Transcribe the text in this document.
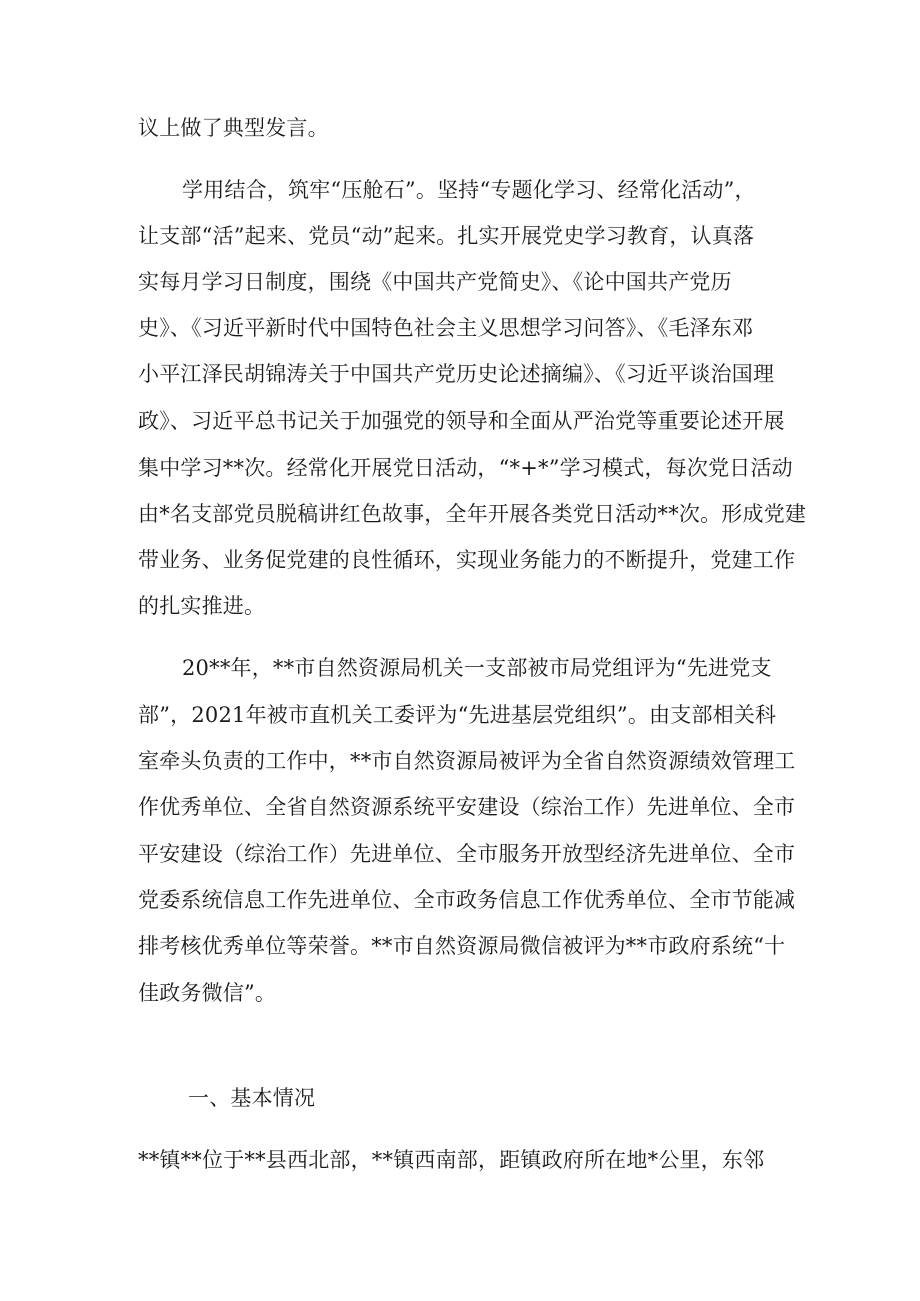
议上做了典型发言。
学用结合，筑牢“压舱石”。坚持“专题化学习、经常化活动”，
让支部“活”起来、党员“动”起来。扎实开展党史学习教育，认真落
实每月学习日制度，围绕《中国共产党简史》、《论中国共产党历
史》、《习近平新时代中国特色社会主义思想学习问答》、《毛泽东邓
小平江泽民胡锦涛关于中国共产党历史论述摘编》、《习近平谈治国理
政》、习近平总书记关于加强党的领导和全面从严治党等重要论述开展
集中学习**次。经常化开展党日活动，“*+*”学习模式，每次党日活动
由*名支部党员脱稿讲红色故事，全年开展各类党日活动**次。形成党建
带业务、业务促党建的良性循环，实现业务能力的不断提升，党建工作
的扎实推进。
20**年，**市自然资源局机关一支部被市局党组评为“先进党支
部”，2021年被市直机关工委评为“先进基层党组织”。由支部相关科
室牵头负责的工作中，**市自然资源局被评为全省自然资源绩效管理工
作优秀单位、全省自然资源系统平安建设（综治工作）先进单位、全市
平安建设（综治工作）先进单位、全市服务开放型经济先进单位、全市
党委系统信息工作先进单位、全市政务信息工作优秀单位、全市节能减
排考核优秀单位等荣誉。**市自然资源局微信被评为**市政府系统“十
佳政务微信”。
一、基本情况
**镇**位于**县西北部，**镇西南部，距镇政府所在地*公里，东邻
